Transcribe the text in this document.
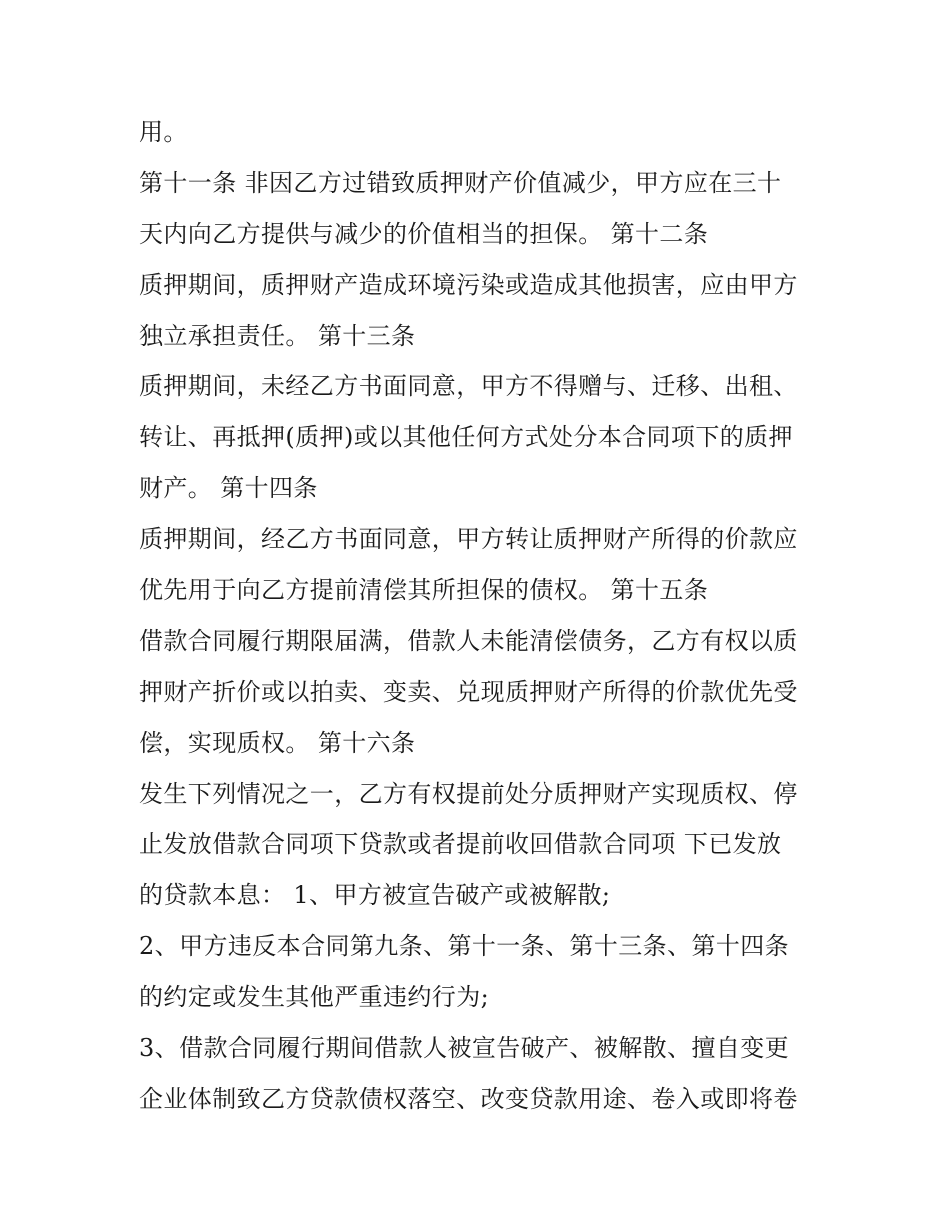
用。
第十一条 非因乙方过错致质押财产价值减少，甲方应在三十
天内向乙方提供与减少的价值相当的担保。 第十二条
质押期间，质押财产造成环境污染或造成其他损害，应由甲方
独立承担责任。 第十三条
质押期间，未经乙方书面同意，甲方不得赠与、迁移、出租、
转让、再抵押(质押)或以其他任何方式处分本合同项下的质押
财产。 第十四条
质押期间，经乙方书面同意，甲方转让质押财产所得的价款应
优先用于向乙方提前清偿其所担保的债权。 第十五条
借款合同履行期限届满，借款人未能清偿债务，乙方有权以质
押财产折价或以拍卖、变卖、兑现质押财产所得的价款优先受
偿，实现质权。 第十六条
发生下列情况之一，乙方有权提前处分质押财产实现质权、停
止发放借款合同项下贷款或者提前收回借款合同项 下已发放
的贷款本息： 1、甲方被宣告破产或被解散;
2、甲方违反本合同第九条、第十一条、第十三条、第十四条
的约定或发生其他严重违约行为;
3、借款合同履行期间借款人被宣告破产、被解散、擅自变更
企业体制致乙方贷款债权落空、改变贷款用途、卷入或即将卷
